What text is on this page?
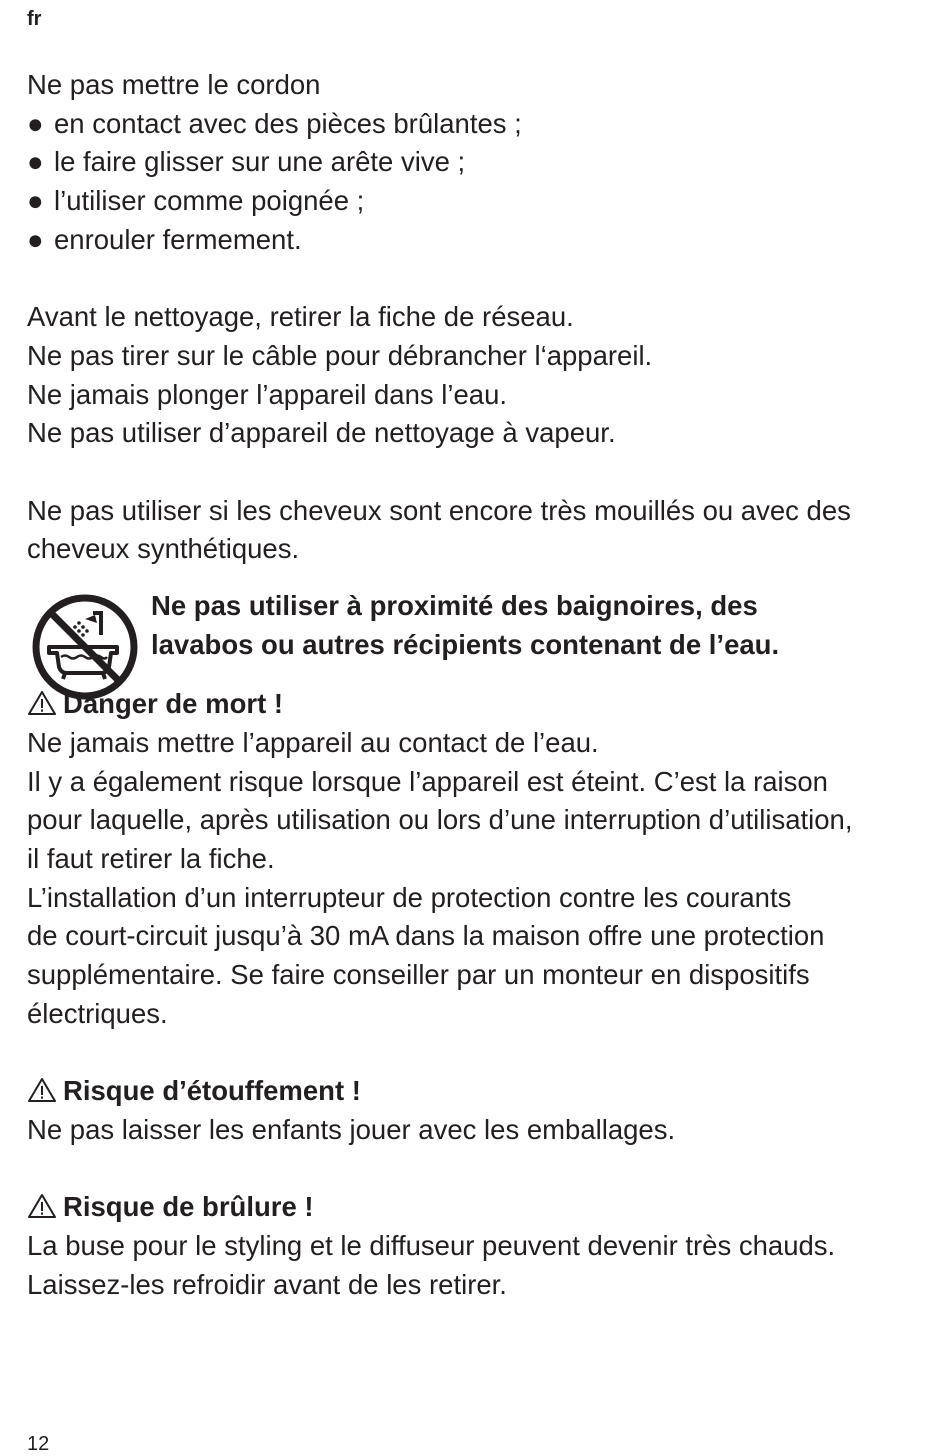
fr
Ne pas mettre le cordon
● en contact avec des pièces brûlantes ;
● le faire glisser sur une arête vive ;
● l’utiliser comme poignée ;
● enrouler fermement.
Avant le nettoyage, retirer la fiche de réseau.
Ne pas tirer sur le câble pour débrancher l‘appareil.
Ne jamais plonger l’appareil dans l’eau.
Ne pas utiliser d’appareil de nettoyage à vapeur.
Ne pas utiliser si les cheveux sont encore très mouillés ou avec des
cheveux synthétiques.
Ne pas utiliser à proximité des baignoires, des
lavabos ou autres récipients contenant de l’eau.
Danger de mort !
Ne jamais mettre l’appareil au contact de l’eau.
Il y a également risque lorsque l’appareil est éteint. C’est la raison
pour laquelle, après utilisation ou lors d’une interruption d’utilisation,
il faut retirer la fiche.
L’installation d’un interrupteur de protection contre les courants
de court-circuit jusqu’à 30 mA dans la maison offre une protection
supplémentaire. Se faire conseiller par un monteur en dispositifs
électriques.
Risque d’étouffement !
Ne pas laisser les enfants jouer avec les emballages.
Risque de brûlure !
La buse pour le styling et le diffuseur peuvent devenir très chauds.
Laissez-les refroidir avant de les retirer.
12
